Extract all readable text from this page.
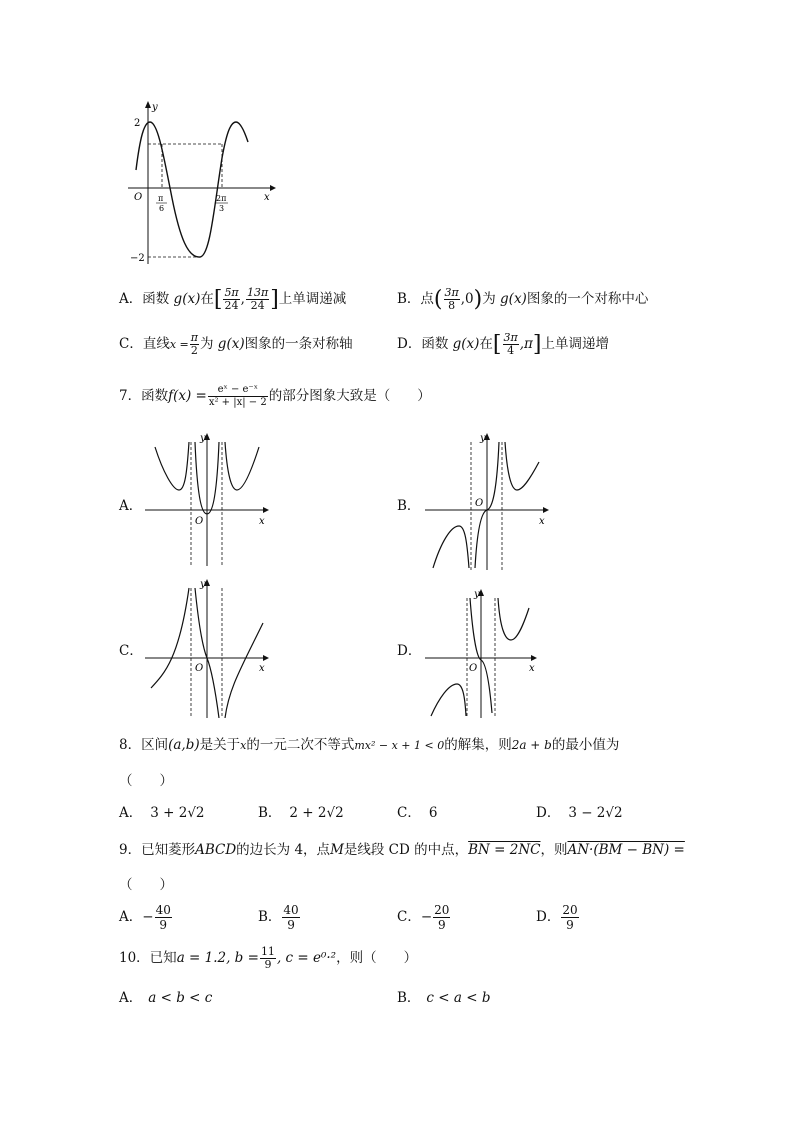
y
x
O
2
−2
π
6
2π
3
A．函数 g(x)在[ $\frac{5\pi}{24}$ , $\frac{13\pi}{24}$ ]上单调递减	B．点( $\frac{3\pi}{8} ,0$)为 g(x)图象的一个对称中心
C．直线$x = \frac{\pi}{2}$ 为 g(x)图象的一条对称轴	D．函数 g(x)在[ $\frac{3\pi}{4} ,\pi$]上单调递增
7．函数$f(x) = \frac{\text{eˣ − e⁻ˣ}}{\text{x² + |x| − 2}}$ 的部分图象大致是（　　）
A．
y
x
O
B．
y
x
O
C．
y
x
O
D．
y
x
O
8．区间(a,b)是关于x的一元二次不等式mx² − x + 1 < 0的解集，则2a + b的最小值为
（　　）
A． 3 + 2√2	B． 2 + 2√2	C． 6	D． 3 − 2√2
9．已知菱形ABCD的边长为 4，点M是线段 CD 的中点，BN = 2NC，则AN·(BM − BN) =
（　　）
A．− $\frac{40}{9}$	B． $\frac{40}{9}$	C．− $\frac{20}{9}$	D． $\frac{20}{9}$
10．已知a = 1.2, $b = \frac{11}{9}$ , c = e⁰·²，则（　　）
A． a < b < c	B． c < a < b
